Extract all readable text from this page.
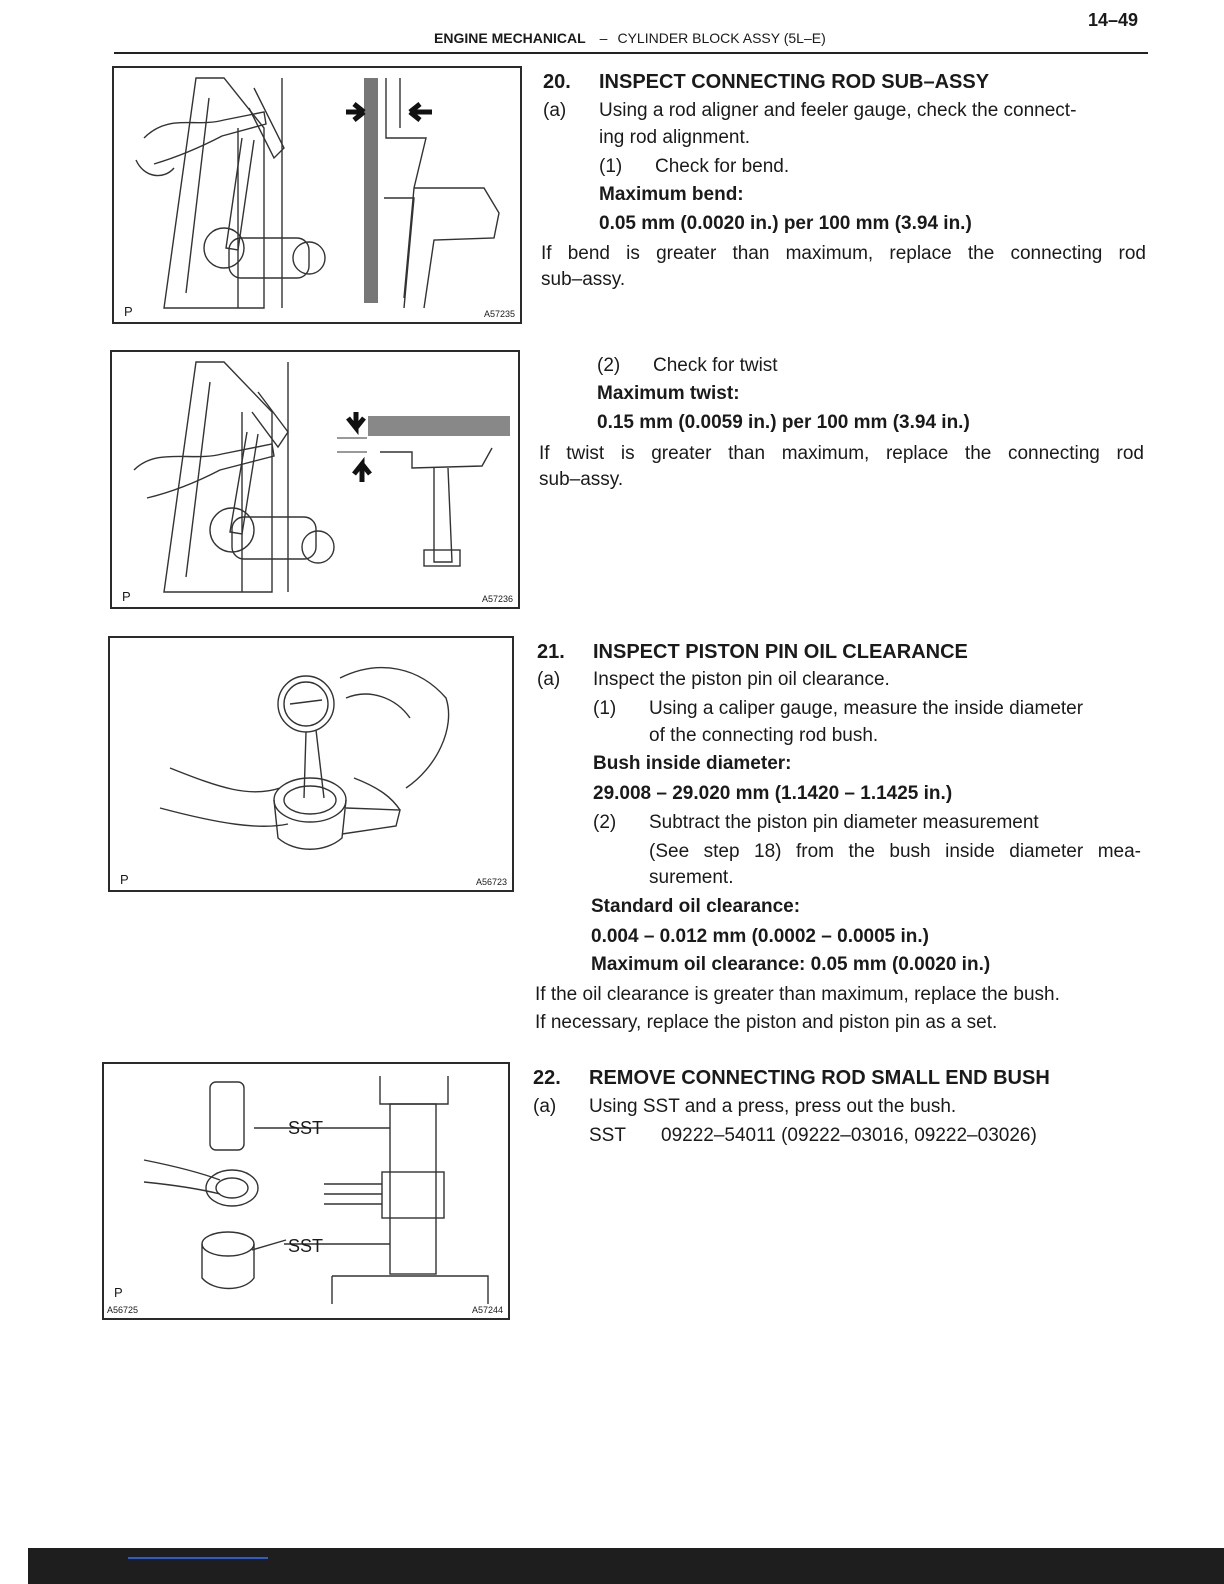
14–49
ENGINE MECHANICAL – CYLINDER BLOCK ASSY (5L–E)
P	A57235
P	A57236
P	A56723
SST
SST
P
A56725	A57244
20. INSPECT CONNECTING ROD SUB–ASSY
(a) Using a rod aligner and feeler gauge, check the connect-
ing rod alignment.
(1) Check for bend.
Maximum bend:
0.05 mm (0.0020 in.) per 100 mm (3.94 in.)
If bend is greater than maximum, replace the connecting rod
sub–assy.
(2) Check for twist
Maximum twist:
0.15 mm (0.0059 in.) per 100 mm (3.94 in.)
If twist is greater than maximum, replace the connecting rod
sub–assy.
21. INSPECT PISTON PIN OIL CLEARANCE
(a) Inspect the piston pin oil clearance.
(1) Using a caliper gauge, measure the inside diameter
of the connecting rod bush.
Bush inside diameter:
29.008 – 29.020 mm (1.1420 – 1.1425 in.)
(2) Subtract the piston pin diameter measurement
(See step 18) from the bush inside diameter mea-
surement.
Standard oil clearance:
0.004 – 0.012 mm (0.0002 – 0.0005 in.)
Maximum oil clearance: 0.05 mm (0.0020 in.)
If the oil clearance is greater than maximum, replace the bush.
If necessary, replace the piston and piston pin as a set.
22. REMOVE CONNECTING ROD SMALL END BUSH
(a) Using SST and a press, press out the bush.
SST 09222–54011 (09222–03016, 09222–03026)
